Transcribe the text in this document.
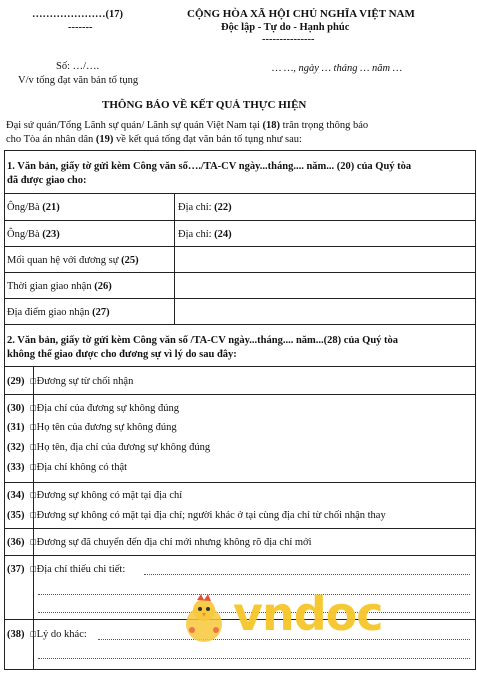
…………………(17)
-------
CỘNG HÒA XÃ HỘI CHỦ NGHĨA VIỆT NAM
Độc lập - Tự do - Hạnh phúc
---------------
Số: …/….
V/v tống đạt văn bản tố tụng
… …, ngày … tháng … năm …
THÔNG BÁO VỀ KẾT QUẢ THỰC HIỆN
Đại sứ quán/Tổng Lãnh sự quán/ Lãnh sự quán Việt Nam tại (18) trân trọng thông báo
cho Tòa án nhân dân (19) về kết quả tống đạt văn bản tố tụng như sau:
1. Văn bản, giấy tờ gửi kèm Công văn số…./TA-CV ngày...tháng.... năm... (20) của Quý tòa
đã được giao cho:
Ông/Bà (21)	Địa chỉ: (22)
Ông/Bà (23)	Địa chỉ: (24)
Mối quan hệ với đương sự (25)
Thời gian giao nhận (26)
Địa điểm giao nhận (27)
2. Văn bản, giấy tờ gửi kèm Công văn số /TA-CV ngày...tháng.... năm...(28) của Quý tòa
không thể giao được cho đương sự vì lý do sau đây:
(29) □Đương sự từ chối nhận
(30) □Địa chỉ của đương sự không đúng
(31) □Họ tên của đương sự không đúng
(32) □Họ tên, địa chỉ của đương sự không đúng
(33) □Địa chỉ không có thật
(34) □Đương sự không có mặt tại địa chỉ
(35) □Đương sự không có mặt tại địa chỉ; người khác ở tại cùng địa chỉ từ chối nhận thay
(36) □Đương sự đã chuyển đến địa chỉ mới nhưng không rõ địa chỉ mới
(37) □Địa chỉ thiếu chi tiết:
(38) □Lý do khác:	vndoc
